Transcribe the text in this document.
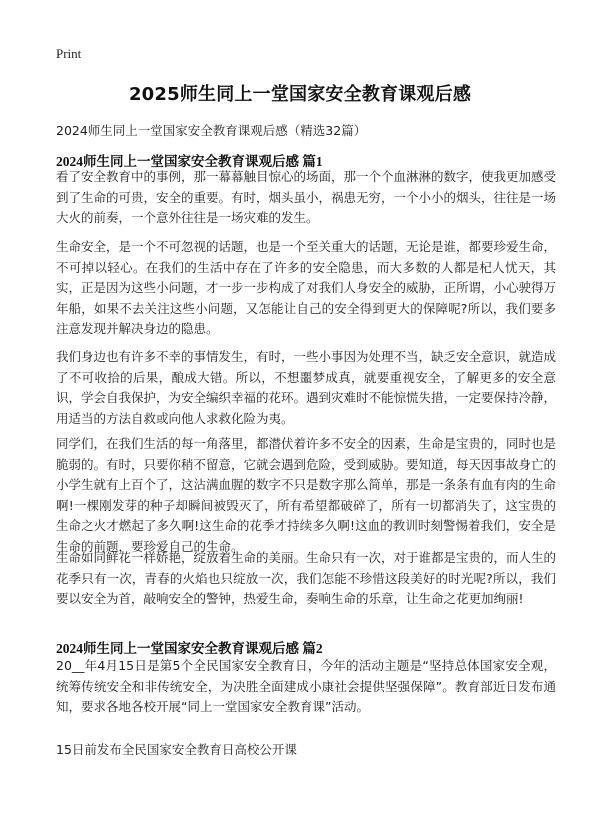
Print
2025师生同上一堂国家安全教育课观后感
2024师生同上一堂国家安全教育课观后感（精选32篇）
2024师生同上一堂国家安全教育课观后感 篇1

看了安全教育中的事例，那一幕幕触目惊心的场面，那一个个血淋淋的数字，使我更加感受到了生命的可贵，安全的重要。有时，烟头虽小，祸患无穷，一个小小的烟头，往往是一场大火的前奏，一个意外往往是一场灾难的发生。

生命安全，是一个不可忽视的话题，也是一个至关重大的话题，无论是谁，都要珍爱生命，不可掉以轻心。在我们的生活中存在了许多的安全隐患，而大多数的人都是杞人忧天，其实，正是因为这些小问题，才一步一步构成了对我们人身安全的威胁，正所谓，小心驶得万年船，如果不去关注这些小问题，又怎能让自己的安全得到更大的保障呢?所以，我们要多注意发现并解决身边的隐患。

我们身边也有许多不幸的事情发生，有时，一些小事因为处理不当，缺乏安全意识，就造成了不可收拾的后果，酿成大错。所以，不想噩梦成真，就要重视安全，了解更多的安全意识，学会自我保护，为安全编织幸福的花环。遇到灾难时不能惊慌失措，一定要保持冷静，用适当的方法自救或向他人求救化险为夷。

同学们，在我们生活的每一角落里，都潜伏着许多不安全的因素，生命是宝贵的，同时也是脆弱的。有时，只要你稍不留意，它就会遇到危险，受到威胁。要知道，每天因事故身亡的小学生就有上百个了，这沾满血腥的数字不只是数字那么简单，那是一条条有血有肉的生命啊!一棵刚发芽的种子却瞬间被毁灭了，所有希望都破碎了，所有一切都消失了，这宝贵的生命之火才燃起了多久啊!这生命的花季才持续多久啊!这血的教训时刻警惕着我们，安全是生命的前题，要珍爱自己的生命。

生命如同鲜花一样娇艳，绽放着生命的美丽。生命只有一次，对于谁都是宝贵的，而人生的花季只有一次，青春的火焰也只绽放一次，我们怎能不珍惜这段美好的时光呢?所以，我们要以安全为首，敲响安全的警钟，热爱生命，奏响生命的乐章，让生命之花更加绚丽!

2024师生同上一堂国家安全教育课观后感 篇2

20__年4月15日是第5个全民国家安全教育日，今年的活动主题是“坚持总体国家安全观，统筹传统安全和非传统安全，为决胜全面建成小康社会提供坚强保障”。教育部近日发布通知，要求各地各校开展“同上一堂国家安全教育课”活动。

15日前发布全民国家安全教育日高校公开课
